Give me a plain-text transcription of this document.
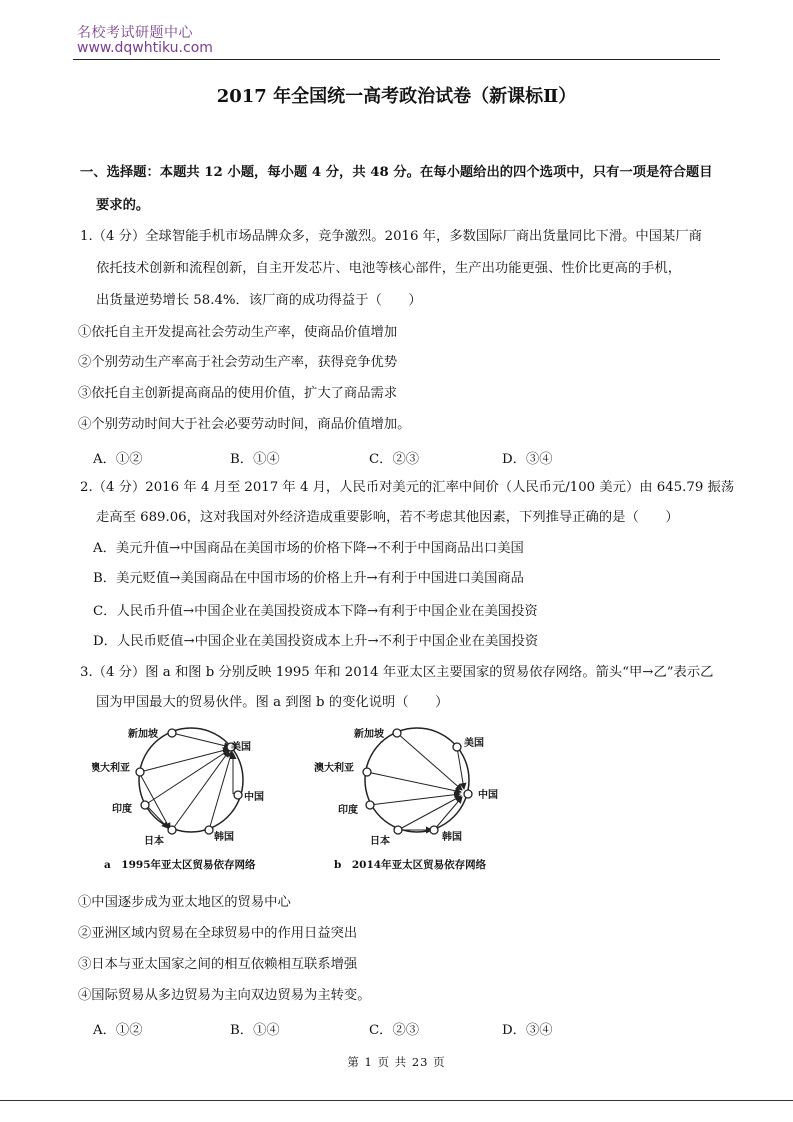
名校考试研题中心
www.dqwhtiku.com
2017 年全国统一高考政治试卷（新课标Ⅱ）
一、选择题：本题共 12 小题，每小题 4 分，共 48 分。在每小题给出的四个选项中，只有一项是符合题目
要求的。
1.（4 分）全球智能手机市场品牌众多，竞争激烈。2016 年，多数国际厂商出货量同比下滑。中国某厂商
依托技术创新和流程创新，自主开发芯片、电池等核心部件，生产出功能更强、性价比更高的手机，
出货量逆势增长 58.4%．该厂商的成功得益于（　　）
①依托自主开发提高社会劳动生产率，使商品价值增加
②个别劳动生产率高于社会劳动生产率，获得竞争优势
③依托自主创新提高商品的使用价值，扩大了商品需求
④个别劳动时间大于社会必要劳动时间，商品价值增加。
A．①②	B．①④	C．②③	D．③④
2.（4 分）2016 年 4 月至 2017 年 4 月，人民币对美元的汇率中间价（人民币元/100 美元）由 645.79 振荡
走高至 689.06，这对我国对外经济造成重要影响，若不考虑其他因素，下列推导正确的是（　　）
A．美元升值→中国商品在美国市场的价格下降→不利于中国商品出口美国
B．美元贬值→美国商品在中国市场的价格上升→有利于中国进口美国商品
C．人民币升值→中国企业在美国投资成本下降→有利于中国企业在美国投资
D．人民币贬值→中国企业在美国投资成本上升→不利于中国企业在美国投资
3.（4 分）图 a 和图 b 分别反映 1995 年和 2014 年亚太区主要国家的贸易依存网络。箭头“甲→乙”表示乙
国为甲国最大的贸易伙伴。图 a 到图 b 的变化说明（　　）
新加坡
美国
澳大利亚
中国
印度
日本	韩国
a　1995年亚太区贸易依存网络
新加坡
美国
澳大利亚
中国
印度
日本	韩国
b　2014年亚太区贸易依存网络
①中国逐步成为亚太地区的贸易中心
②亚洲区域内贸易在全球贸易中的作用日益突出
③日本与亚太国家之间的相互依赖相互联系增强
④国际贸易从多边贸易为主向双边贸易为主转变。
A．①②	B．①④	C．②③	D．③④
第 1 页 共 23 页
